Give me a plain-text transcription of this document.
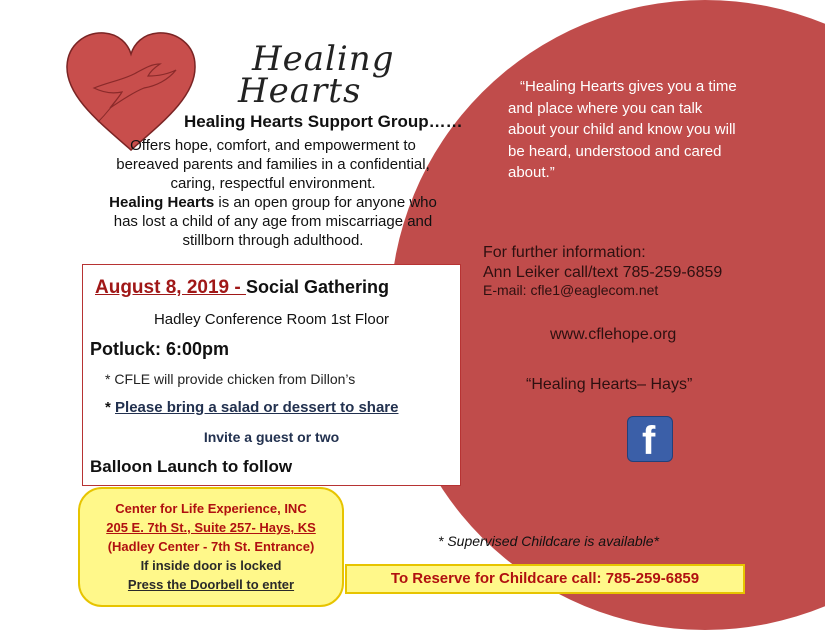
Healing
Hearts
Healing Hearts Support Group……
Offers hope, comfort, and empowerment to
bereaved parents and families in a confidential,
caring, respectful environment.
Healing Hearts is an open group for anyone who
has lost a child of any age from miscarriage and
stillborn through adulthood.
August 8, 2019 - Social Gathering
Hadley Conference Room 1st Floor
Potluck: 6:00pm
* CFLE will provide chicken from Dillon’s
* Please bring a salad or dessert to share
Invite a guest or two
Balloon Launch to follow
Center for Life Experience, INC
205 E. 7th St., Suite 257- Hays, KS
(Hadley Center - 7th St. Entrance)
If inside door is locked
Press the Doorbell to enter
“Healing Hearts gives you a time
and place where you can talk
about your child and know you will
be heard, understood and cared
about.”
For further information:
Ann Leiker call/text 785-259-6859
E-mail: cfle1@eaglecom.net
www.cflehope.org
“Healing Hearts– Hays”
f
* Supervised Childcare is available*
To Reserve for Childcare call: 785-259-6859
